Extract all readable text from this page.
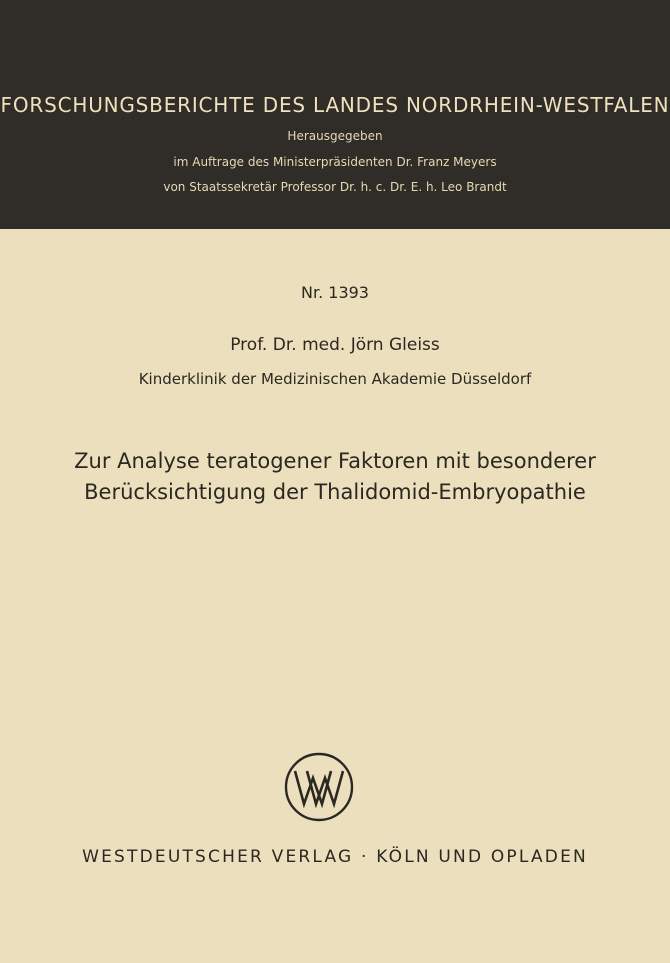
FORSCHUNGSBERICHTE DES LANDES NORDRHEIN-WESTFALEN
Herausgegeben
im Auftrage des Ministerpräsidenten Dr. Franz Meyers
von Staatssekretär Professor Dr. h. c. Dr. E. h. Leo Brandt
Nr. 1393
Prof. Dr. med. Jörn Gleiss
Kinderklinik der Medizinischen Akademie Düsseldorf
Zur Analyse teratogener Faktoren mit besonderer
Berücksichtigung der Thalidomid-Embryopathie
WESTDEUTSCHER VERLAG · KÖLN UND OPLADEN
